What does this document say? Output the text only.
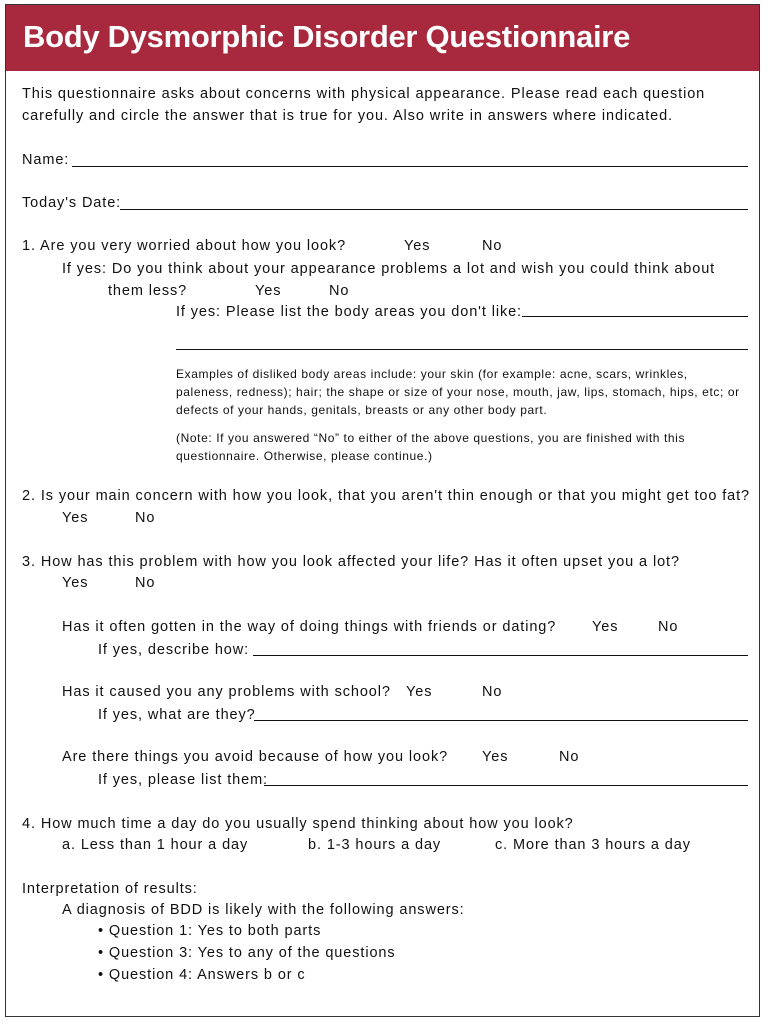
Body Dysmorphic Disorder Questionnaire
This questionnaire asks about concerns with physical appearance. Please read each question
carefully and circle the answer that is true for you. Also write in answers where indicated.
Name:
Today's Date:
1. Are you very worried about how you look?	Yes	No
If yes: Do you think about your appearance problems a lot and wish you could think about
them less?	Yes	No
If yes: Please list the body areas you don't like:
Examples of disliked body areas include: your skin (for example: acne, scars, wrinkles,
paleness, redness); hair; the shape or size of your nose, mouth, jaw, lips, stomach, hips, etc; or
defects of your hands, genitals, breasts or any other body part.
(Note: If you answered “No” to either of the above questions, you are finished with this
questionnaire. Otherwise, please continue.)
2. Is your main concern with how you look, that you aren't thin enough or that you might get too fat?
Yes	No
3. How has this problem with how you look affected your life? Has it often upset you a lot?
Yes	No
Has it often gotten in the way of doing things with friends or dating? Yes	No
If yes, describe how:
Has it caused you any problems with school? Yes	No
If yes, what are they?
Are there things you avoid because of how you look? Yes	No
If yes, please list them:
4. How much time a day do you usually spend thinking about how you look?
a. Less than 1 hour a day	b. 1-3 hours a day	c. More than 3 hours a day
Interpretation of results:
A diagnosis of BDD is likely with the following answers:
• Question 1: Yes to both parts
• Question 3: Yes to any of the questions
• Question 4: Answers b or c
